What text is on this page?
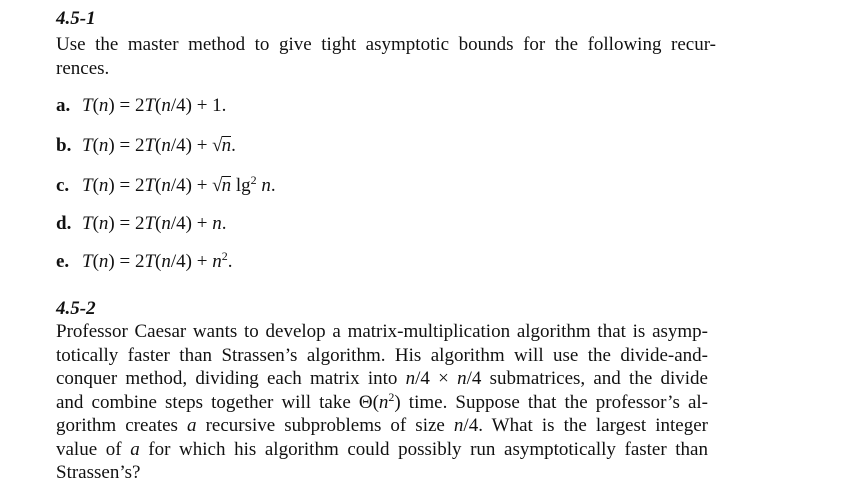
4.5-1
Use the master method to give tight asymptotic bounds for the following recur-
rences.
a. T(n) = 2T(n/4) + 1.
b. T(n) = 2T(n/4) + √n.
c. T(n) = 2T(n/4) + √n $\lg^2 n$.
d. T(n) = 2T(n/4) + n.
e. $T(n) = 2T(n/4) + n^2$.
4.5-2
Professor Caesar wants to develop a matrix-multiplication algorithm that is asymp-
totically faster than Strassen’s algorithm. His algorithm will use the divide-and-
conquer method, dividing each matrix into n/4 × n/4 submatrices, and the divide
and combine steps together will take $\Theta(n^2)$ time. Suppose that the professor’s al-
gorithm creates a recursive subproblems of size n/4. What is the largest integer
value of a for which his algorithm could possibly run asymptotically faster than
Strassen’s?
